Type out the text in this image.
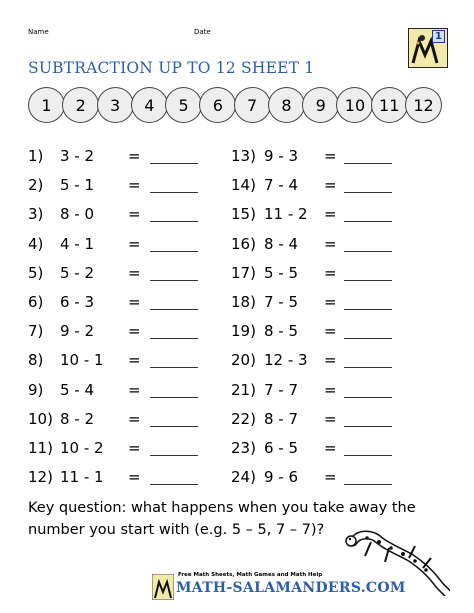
Name	Date	1
SUBTRACTION UP TO 12 SHEET 1
1	2	3	4	5	6	7	8	9	10 11 12
1) 3 - 2 =
2) 5 - 1 =
3) 8 - 0 =
4) 4 - 1 =
5) 5 - 2 =
6) 6 - 3 =
7) 9 - 2 =
8) 10 - 1 =
9) 5 - 4 =
10) 8 - 2 =
11) 10 - 2 =
12) 11 - 1 =
13) 9 - 3 =
14) 7 - 4 =
15) 11 - 2 =
16) 8 - 4 =
17) 5 - 5 =
18) 7 - 5 =
19) 8 - 5 =
20) 12 - 3 =
21) 7 - 7 =
22) 8 - 7 =
23) 6 - 5 =
24) 9 - 6 =
Key question: what happens when you take away the number you start with (e.g. 5 – 5, 7 – 7)?
Free Math Sheets, Math Games and Math Help
MATH-SALAMANDERS.COM
